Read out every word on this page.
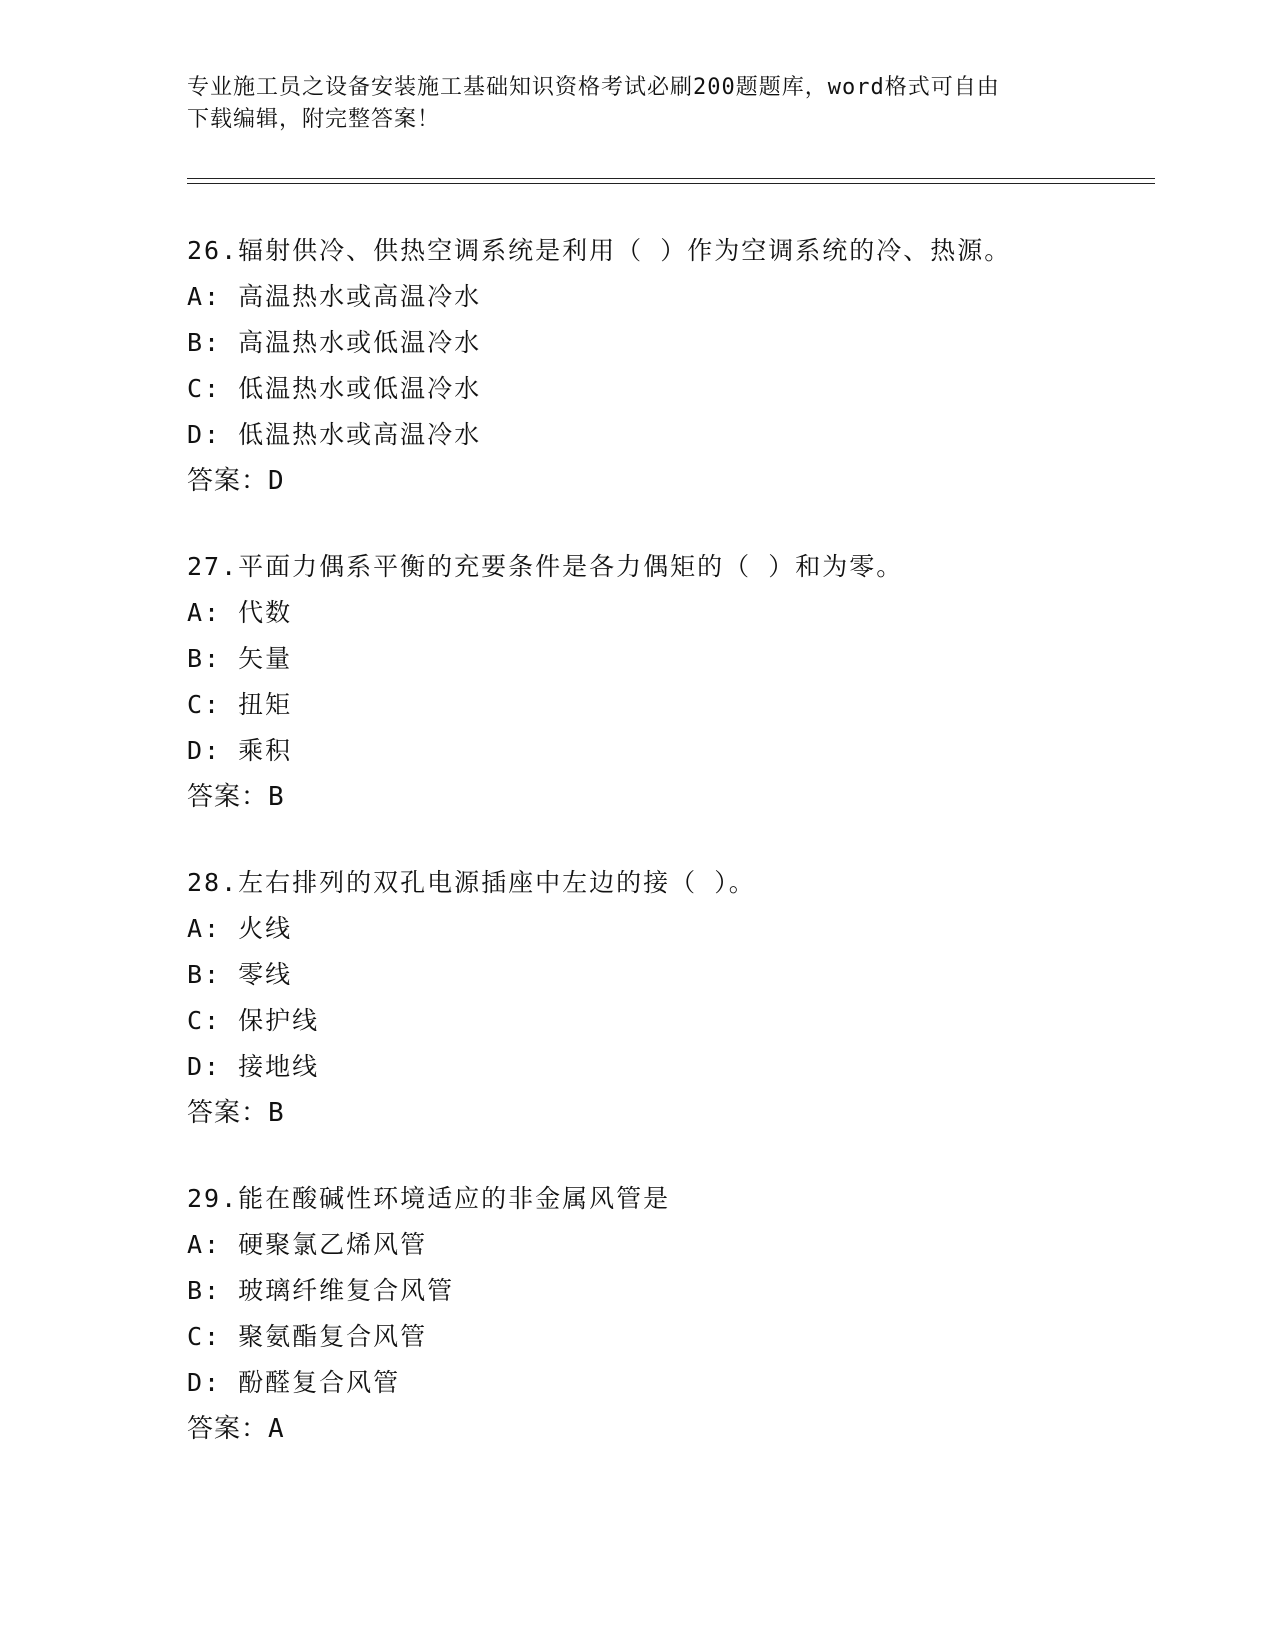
专业施工员之设备安装施工基础知识资格考试必刷200题题库，word格式可自由
下载编辑，附完整答案！
26.辐射供冷、供热空调系统是利用（ ）作为空调系统的冷、热源。
A: 高温热水或高温冷水
B: 高温热水或低温冷水
C: 低温热水或低温冷水
D: 低温热水或高温冷水
答案：D
27.平面力偶系平衡的充要条件是各力偶矩的（ ）和为零。
A: 代数
B: 矢量
C: 扭矩
D: 乘积
答案：B
28.左右排列的双孔电源插座中左边的接（ ）。
A: 火线
B: 零线
C: 保护线
D: 接地线
答案：B
29.能在酸碱性环境适应的非金属风管是
A: 硬聚氯乙烯风管
B: 玻璃纤维复合风管
C: 聚氨酯复合风管
D: 酚醛复合风管
答案：A
